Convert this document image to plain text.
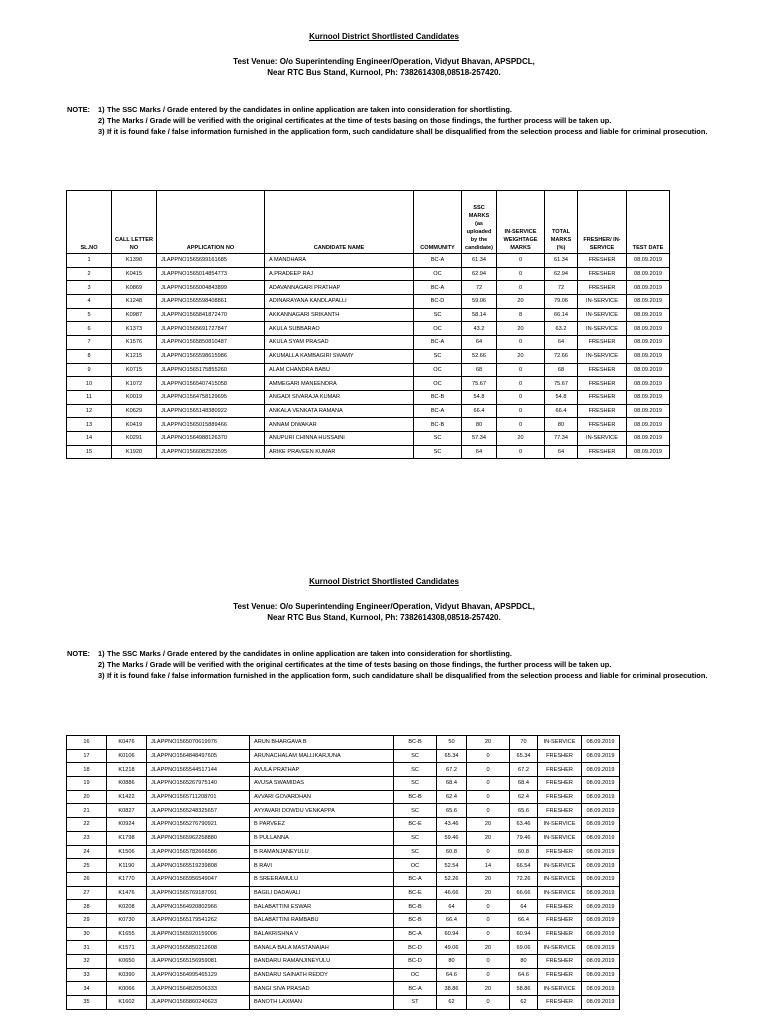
Kurnool District Shortlisted Candidates
Test Venue: O/o Superintending Engineer/Operation, Vidyut Bhavan, APSPDCL,
Near RTC Bus Stand, Kurnool, Ph: 7382614308,08518-257420.
NOTE: 1) The SSC Marks / Grade entered by the candidates in online application are taken into consideration for shortlisting.
2) The Marks / Grade will be verified with the original certificates at the time of tests basing on those findings, the further process will be taken up.
3) If it is found fake / false information furnished in the application form, such candidature shall be disqualified from the selection process and liable for criminal prosecution.
SL.NO	CALL LETTER NO	APPLICATION NO	CANDIDATE NAME	COMMUNITY	SSC MARKS (as uploaded by the candidate)	IN-SERVICE WEIGHTAGE MARKS	TOTAL MARKS (%)	FRESHER/ IN-SERVICE	TEST DATE
1	K1390	JLAPPNO1565699161685	A MANDHARA	BC-A	61.34	0	61.34	FRESHER	08.09.2019
2	K0415	JLAPPNO1565014854773	A.PRADEEP RAJ	OC	62.94	0	62.94	FRESHER	08.09.2019
3	K0869	JLAPPNO1565004843899	ADAVANNAGARI PRATHAP	BC-A	72	0	72	FRESHER	08.09.2019
4	K1248	JLAPPNO1565598408861	ADINARAYANA KANDLAPALLI	BC-D	59.06	20	79.06	IN-SERVICE	08.09.2019
5	K0987	JLAPPNO1565841872470	AKKANNAGARI SRIKANTH	SC	58.14	8	66.14	IN-SERVICE	08.09.2019
6	K1373	JLAPPNO1565691727847	AKULA SUBBARAO	OC	43.2	20	63.2	IN-SERVICE	08.09.2019
7	K1576	JLAPPNO1565850810487	AKULA SYAM PRASAD	BC-A	64	0	64	FRESHER	08.09.2019
8	K1215	JLAPPNO1565598615986	AKUMALLA KAMBAGIRI SWAMY	SC	52.66	20	72.66	IN-SERVICE	08.09.2019
9	K0715	JLAPPNO1565175855260	ALAM CHANDRA BABU	OC	68	0	68	FRESHER	08.09.2019
10	K1072	JLAPPNO1565407415058	AMMEGARI MANEENDRA	OC	75.67	0	75.67	FRESHER	08.09.2019
11	K0019	JLAPPNO1564758129695	ANGADI SIVARAJA KUMAR	BC-B	54.8	0	54.8	FRESHER	08.09.2019
12	K0629	JLAPPNO1565148380922	ANKALA VENKATA RAMANA	BC-A	66.4	0	66.4	FRESHER	08.09.2019
13	K0419	JLAPPNO1565015889466	ANNAM DIWAKAR	BC-B	80	0	80	FRESHER	08.09.2019
14	K0291	JLAPPNO1564988126370	ANUPURI CHINNA HUSSAINI	SC	57.34	20	77.34	IN-SERVICE	08.09.2019
15	K1920	JLAPPNO1566082523595	ARIKE PRAVEEN KUMAR	SC	64	0	64	FRESHER	08.09.2019
Kurnool District Shortlisted Candidates
Test Venue: O/o Superintending Engineer/Operation, Vidyut Bhavan, APSPDCL,
Near RTC Bus Stand, Kurnool, Ph: 7382614308,08518-257420.
NOTE: 1) The SSC Marks / Grade entered by the candidates in online application are taken into consideration for shortlisting.
2) The Marks / Grade will be verified with the original certificates at the time of tests basing on those findings, the further process will be taken up.
3) If it is found fake / false information furnished in the application form, such candidature shall be disqualified from the selection process and liable for criminal prosecution.
16	K0476	JLAPPNO1565070619976	ARUN BHARGAVA B	BC-B	50	20	70	IN-SERVICE	08.09.2019
17	K0106	JLAPPNO1564848497605	ARUNACHALAM MALLIKARJUNA	SC	65.34	0	65.34	FRESHER	08.09.2019
18	K1218	JLAPPNO1565544517144	AVULA PRATHAP	SC	67.2	0	67.2	FRESHER	08.09.2019
19	K0886	JLAPPNO1565267975140	AVUSA SWAMIDAS	SC	68.4	0	68.4	FRESHER	08.09.2019
20	K1422	JLAPPNO1565711208701	AVVARI GOVARDHAN	BC-B	62.4	0	62.4	FRESHER	08.09.2019
21	K0827	JLAPPNO1565248325657	AYYAVARI DOWDU VENKAPPA	SC	65.6	0	65.6	FRESHER	08.09.2019
22	K0924	JLAPPNO1565276790921	B PARVEEZ	BC-E	43.46	20	63.46	IN-SERVICE	08.09.2019
23	K1798	JLAPPNO1565962258880	B PULLANNA	SC	59.46	20	79.46	IN-SERVICE	08.09.2019
24	K1506	JLAPPNO1565782666586	B RAMANJANEYULU	SC	60.8	0	60.8	FRESHER	08.09.2019
25	K1190	JLAPPNO1565519239808	B RAVI	OC	52.54	14	66.54	IN-SERVICE	08.09.2019
26	K1770	JLAPPNO1565956549047	B SREERAMULU	BC-A	52.26	20	72.26	IN-SERVICE	08.09.2019
27	K1476	JLAPPNO1565769187091	BAGILI DADAVALI	BC-E	46.66	20	66.66	IN-SERVICE	08.09.2019
28	K0208	JLAPPNO1564920802966	BALABATTINI ESWAR	BC-B	64	0	64	FRESHER	08.09.2019
29	K0730	JLAPPNO1565179541262	BALABATTINI RAMBABU	BC-B	66.4	0	66.4	FRESHER	08.09.2019
30	K1655	JLAPPNO1565920159006	BALAKRISHNA V	BC-A	60.94	0	60.94	FRESHER	08.09.2019
31	K1571	JLAPPNO1565850212608	BANALA BALA MASTANAIAH	BC-D	49.06	20	69.06	IN-SERVICE	08.09.2019
32	K0650	JLAPPNO1565156959081	BANDARU RAMANJINEYULU	BC-D	80	0	80	FRESHER	08.09.2019
33	K0390	JLAPPNO1564995465129	BANDARU SAINATH REDDY	OC	64.6	0	64.6	FRESHER	08.09.2019
34	K0066	JLAPPNO1564820506333	BANGI SIVA PRASAD	BC-A	38.86	20	58.86	IN-SERVICE	08.09.2019
35	K1602	JLAPPNO1565860240623	BANOTH LAXMAN	ST	62	0	62	FRESHER	08.09.2019
